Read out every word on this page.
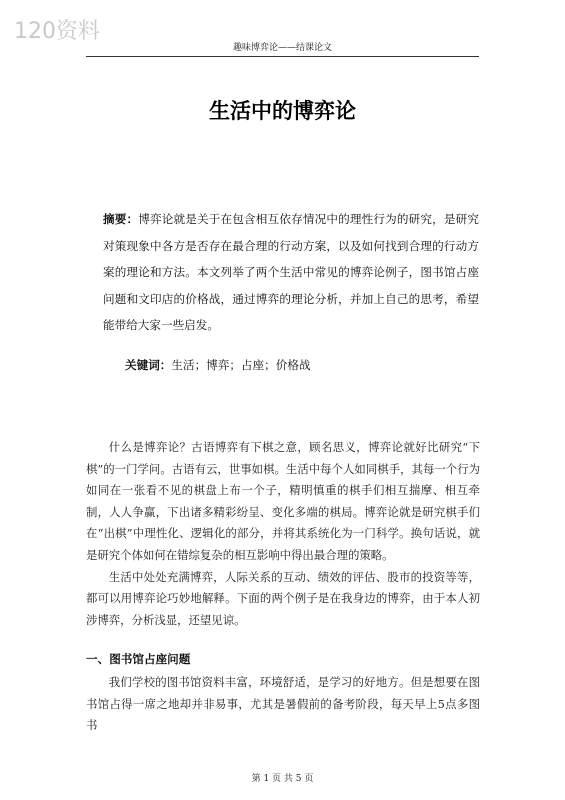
120资料
趣味博弈论——结课论文
生活中的博弈论
摘要：博弈论就是关于在包含相互依存情况中的理性行为的研究，是研究对策现象中各方是否存在最合理的行动方案，以及如何找到合理的行动方案的理论和方法。本文列举了两个生活中常见的博弈论例子，图书馆占座问题和文印店的价格战，通过博弈的理论分析，并加上自己的思考，希望能带给大家一些启发。
关键词：生活；博弈；占座；价格战

什么是博弈论？古语博弈有下棋之意，顾名思义，博弈论就好比研究“下棋”的一门学问。古语有云，世事如棋。生活中每个人如同棋手，其每一个行为如同在一张看不见的棋盘上布一个子，精明慎重的棋手们相互揣摩、相互牵制，人人争赢，下出诸多精彩纷呈、变化多端的棋局。博弈论就是研究棋手们在“出棋”中理性化、逻辑化的部分，并将其系统化为一门科学。换句话说，就是研究个体如何在错综复杂的相互影响中得出最合理的策略。

生活中处处充满博弈，人际关系的互动、绩效的评估、股市的投资等等，都可以用博弈论巧妙地解释。下面的两个例子是在我身边的博弈，由于本人初涉博弈，分析浅显，还望见谅。

一、图书馆占座问题

我们学校的图书馆资料丰富，环境舒适，是学习的好地方。但是想要在图书馆占得一席之地却并非易事，尤其是暑假前的备考阶段，每天早上5点多图书

第 1 页 共 5 页
